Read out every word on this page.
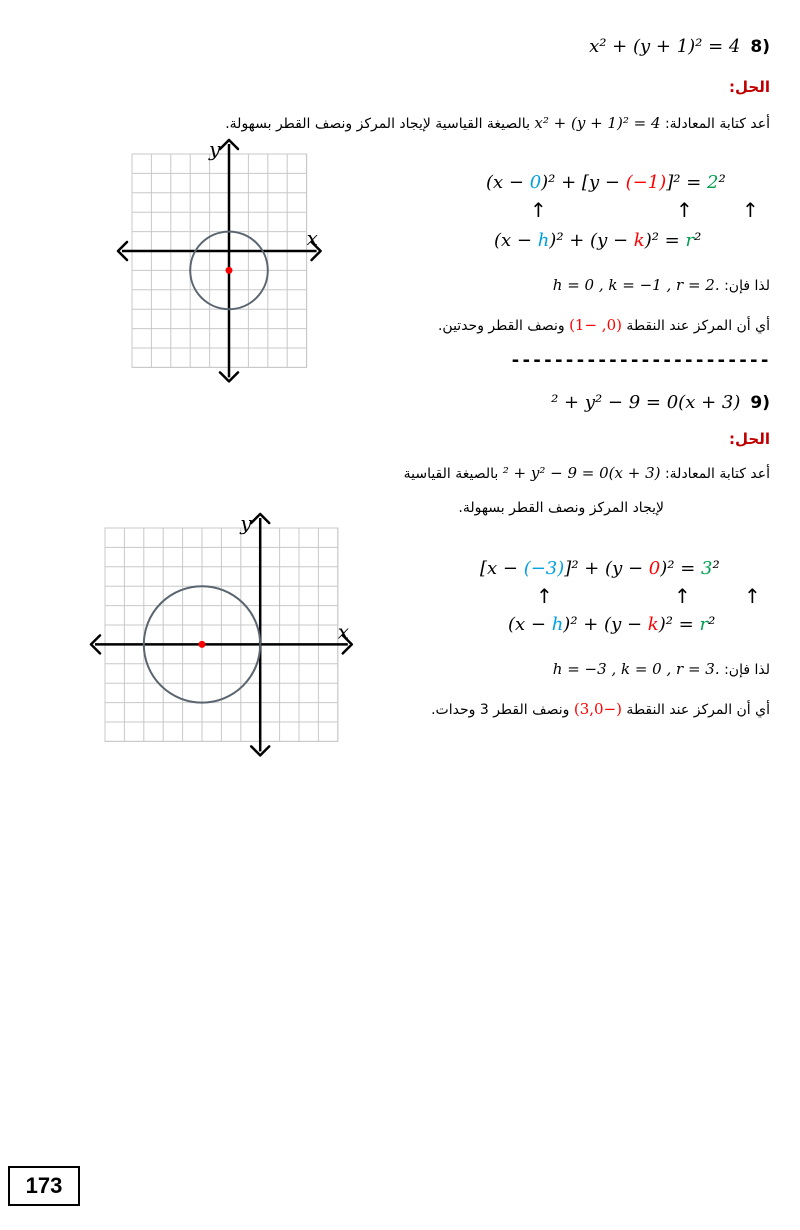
(8 x² + (y + 1)² = 4
الحل:
أعد كتابة المعادلة: x² + (y + 1)² = 4 بالصيغة القياسية لإيجاد المركز ونصف القطر بسهولة.
(x − 0)² + [y − (−1)]² = 2²
↑	↑ ↑
(x − h)² + (y − k)² = r²
لذا فإن: .h = 0 , k = −1 , r = 2
أي أن المركز عند النقطة (0, −1) ونصف القطر وحدتين.
x
y
------------------------
(9 (x + 3)² + y² − 9 = 0
الحل:
أعد كتابة المعادلة: (x + 3)² + y² − 9 = 0 بالصيغة القياسية
لإيجاد المركز ونصف القطر بسهولة.
[x − (−3)]² + (y − 0)² = 3²
↑	↑	↑
(x − h)² + (y − k)² = r²
لذا فإن: .h = −3 , k = 0 , r = 3
أي أن المركز عند النقطة (−3,0) ونصف القطر 3 وحدات.
x
y
173
